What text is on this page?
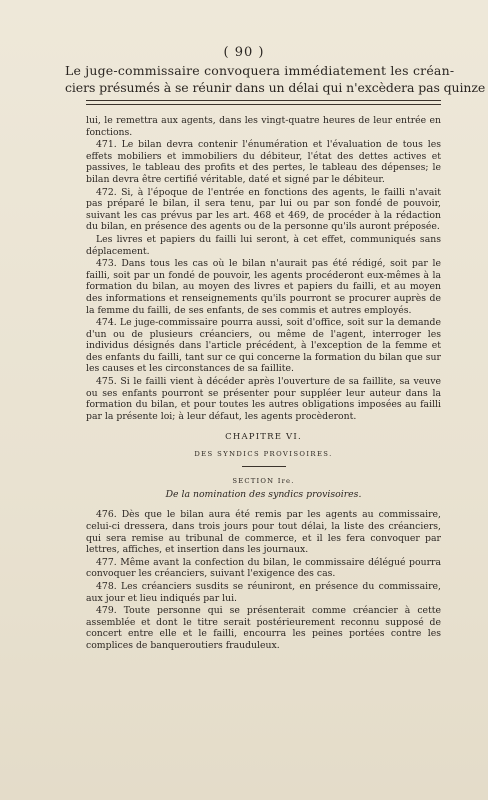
( 90 )
Le juge-commissaire convoquera immédiatement les créan-
ciers présumés à se réunir dans un délai qui n'excèdera pas quinze

lui, le remettra aux agents, dans les vingt-quatre heures de leur entrée en fonctions.

471. Le bilan devra contenir l'énumération et l'évaluation de tous les effets mobiliers et immobiliers du débiteur, l'état des dettes actives et passives, le tableau des profits et des pertes, le tableau des dépenses; le bilan devra être certifié véritable, daté et signé par le débiteur.

472. Si, à l'époque de l'entrée en fonctions des agents, le failli n'avait pas préparé le bilan, il sera tenu, par lui ou par son fondé de pouvoir, suivant les cas prévus par les art. 468 et 469, de procéder à la rédaction du bilan, en présence des agents ou de la personne qu'ils auront préposée.

Les livres et papiers du failli lui seront, à cet effet, communiqués sans déplacement.

473. Dans tous les cas où le bilan n'aurait pas été rédigé, soit par le failli, soit par un fondé de pouvoir, les agents procéderont eux-mêmes à la formation du bilan, au moyen des livres et papiers du failli, et au moyen des informations et renseignements qu'ils pourront se procurer auprès de la femme du failli, de ses enfants, de ses commis et autres employés.

474. Le juge-commissaire pourra aussi, soit d'office, soit sur la demande d'un ou de plusieurs créanciers, ou même de l'agent, interroger les individus désignés dans l'article précédent, à l'exception de la femme et des enfants du failli, tant sur ce qui concerne la formation du bilan que sur les causes et les circonstances de sa faillite.

475. Si le failli vient à décéder après l'ouverture de sa faillite, sa veuve ou ses enfants pourront se présenter pour suppléer leur auteur dans la formation du bilan, et pour toutes les autres obligations imposées au failli par la présente loi; à leur défaut, les agents procèderont.

CHAPITRE VI.
DES SYNDICS PROVISOIRES.
SECTION Ire.
De la nomination des syndics provisoires.

476. Dès que le bilan aura été remis par les agents au commissaire, celui-ci dressera, dans trois jours pour tout délai, la liste des créanciers, qui sera remise au tribunal de commerce, et il les fera convoquer par lettres, affiches, et insertion dans les journaux.

477. Même avant la confection du bilan, le commissaire délégué pourra convoquer les créanciers, suivant l'exigence des cas.

478. Les créanciers susdits se réuniront, en présence du commissaire, aux jour et lieu indiqués par lui.

479. Toute personne qui se présenterait comme créancier à cette assemblée et dont le titre serait postérieurement reconnu supposé de concert entre elle et le failli, encourra les peines portées contre les complices de banqueroutiers frauduleux.
